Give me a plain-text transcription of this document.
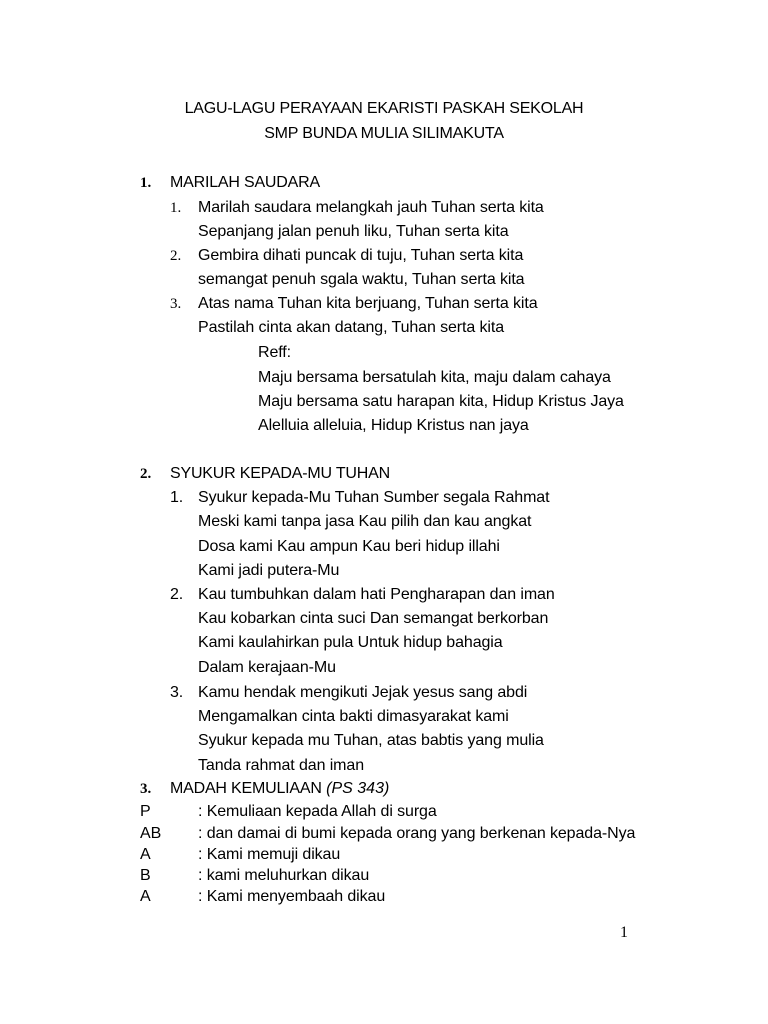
LAGU-LAGU PERAYAAN EKARISTI PASKAH SEKOLAH
SMP BUNDA MULIA SILIMAKUTA
1. MARILAH SAUDARA
1. Marilah saudara melangkah jauh Tuhan serta kita
Sepanjang jalan penuh liku, Tuhan serta kita
2. Gembira dihati puncak di tuju, Tuhan serta kita
semangat penuh sgala waktu, Tuhan serta kita
3. Atas nama Tuhan kita berjuang, Tuhan serta kita
Pastilah cinta akan datang, Tuhan serta kita
Reff:
Maju bersama bersatulah kita, maju dalam cahaya
Maju bersama satu harapan kita, Hidup Kristus Jaya
Alelluia alleluia, Hidup Kristus nan jaya
2. SYUKUR KEPADA-MU TUHAN
1. Syukur kepada-Mu Tuhan Sumber segala Rahmat
Meski kami tanpa jasa Kau pilih dan kau angkat
Dosa kami Kau ampun Kau beri hidup illahi
Kami jadi putera-Mu
2. Kau tumbuhkan dalam hati Pengharapan dan iman
Kau kobarkan cinta suci Dan semangat berkorban
Kami kaulahirkan pula Untuk hidup bahagia
Dalam kerajaan-Mu
3. Kamu hendak mengikuti Jejak yesus sang abdi
Mengamalkan cinta bakti dimasyarakat kami
Syukur kepada mu Tuhan, atas babtis yang mulia
Tanda rahmat dan iman
3. MADAH KEMULIAAN (PS 343)
P	: Kemuliaan kepada Allah di surga
AB : dan damai di bumi kepada orang yang berkenan kepada-Nya
A	: Kami memuji dikau
B	: kami meluhurkan dikau
A	: Kami menyembaah dikau
1
